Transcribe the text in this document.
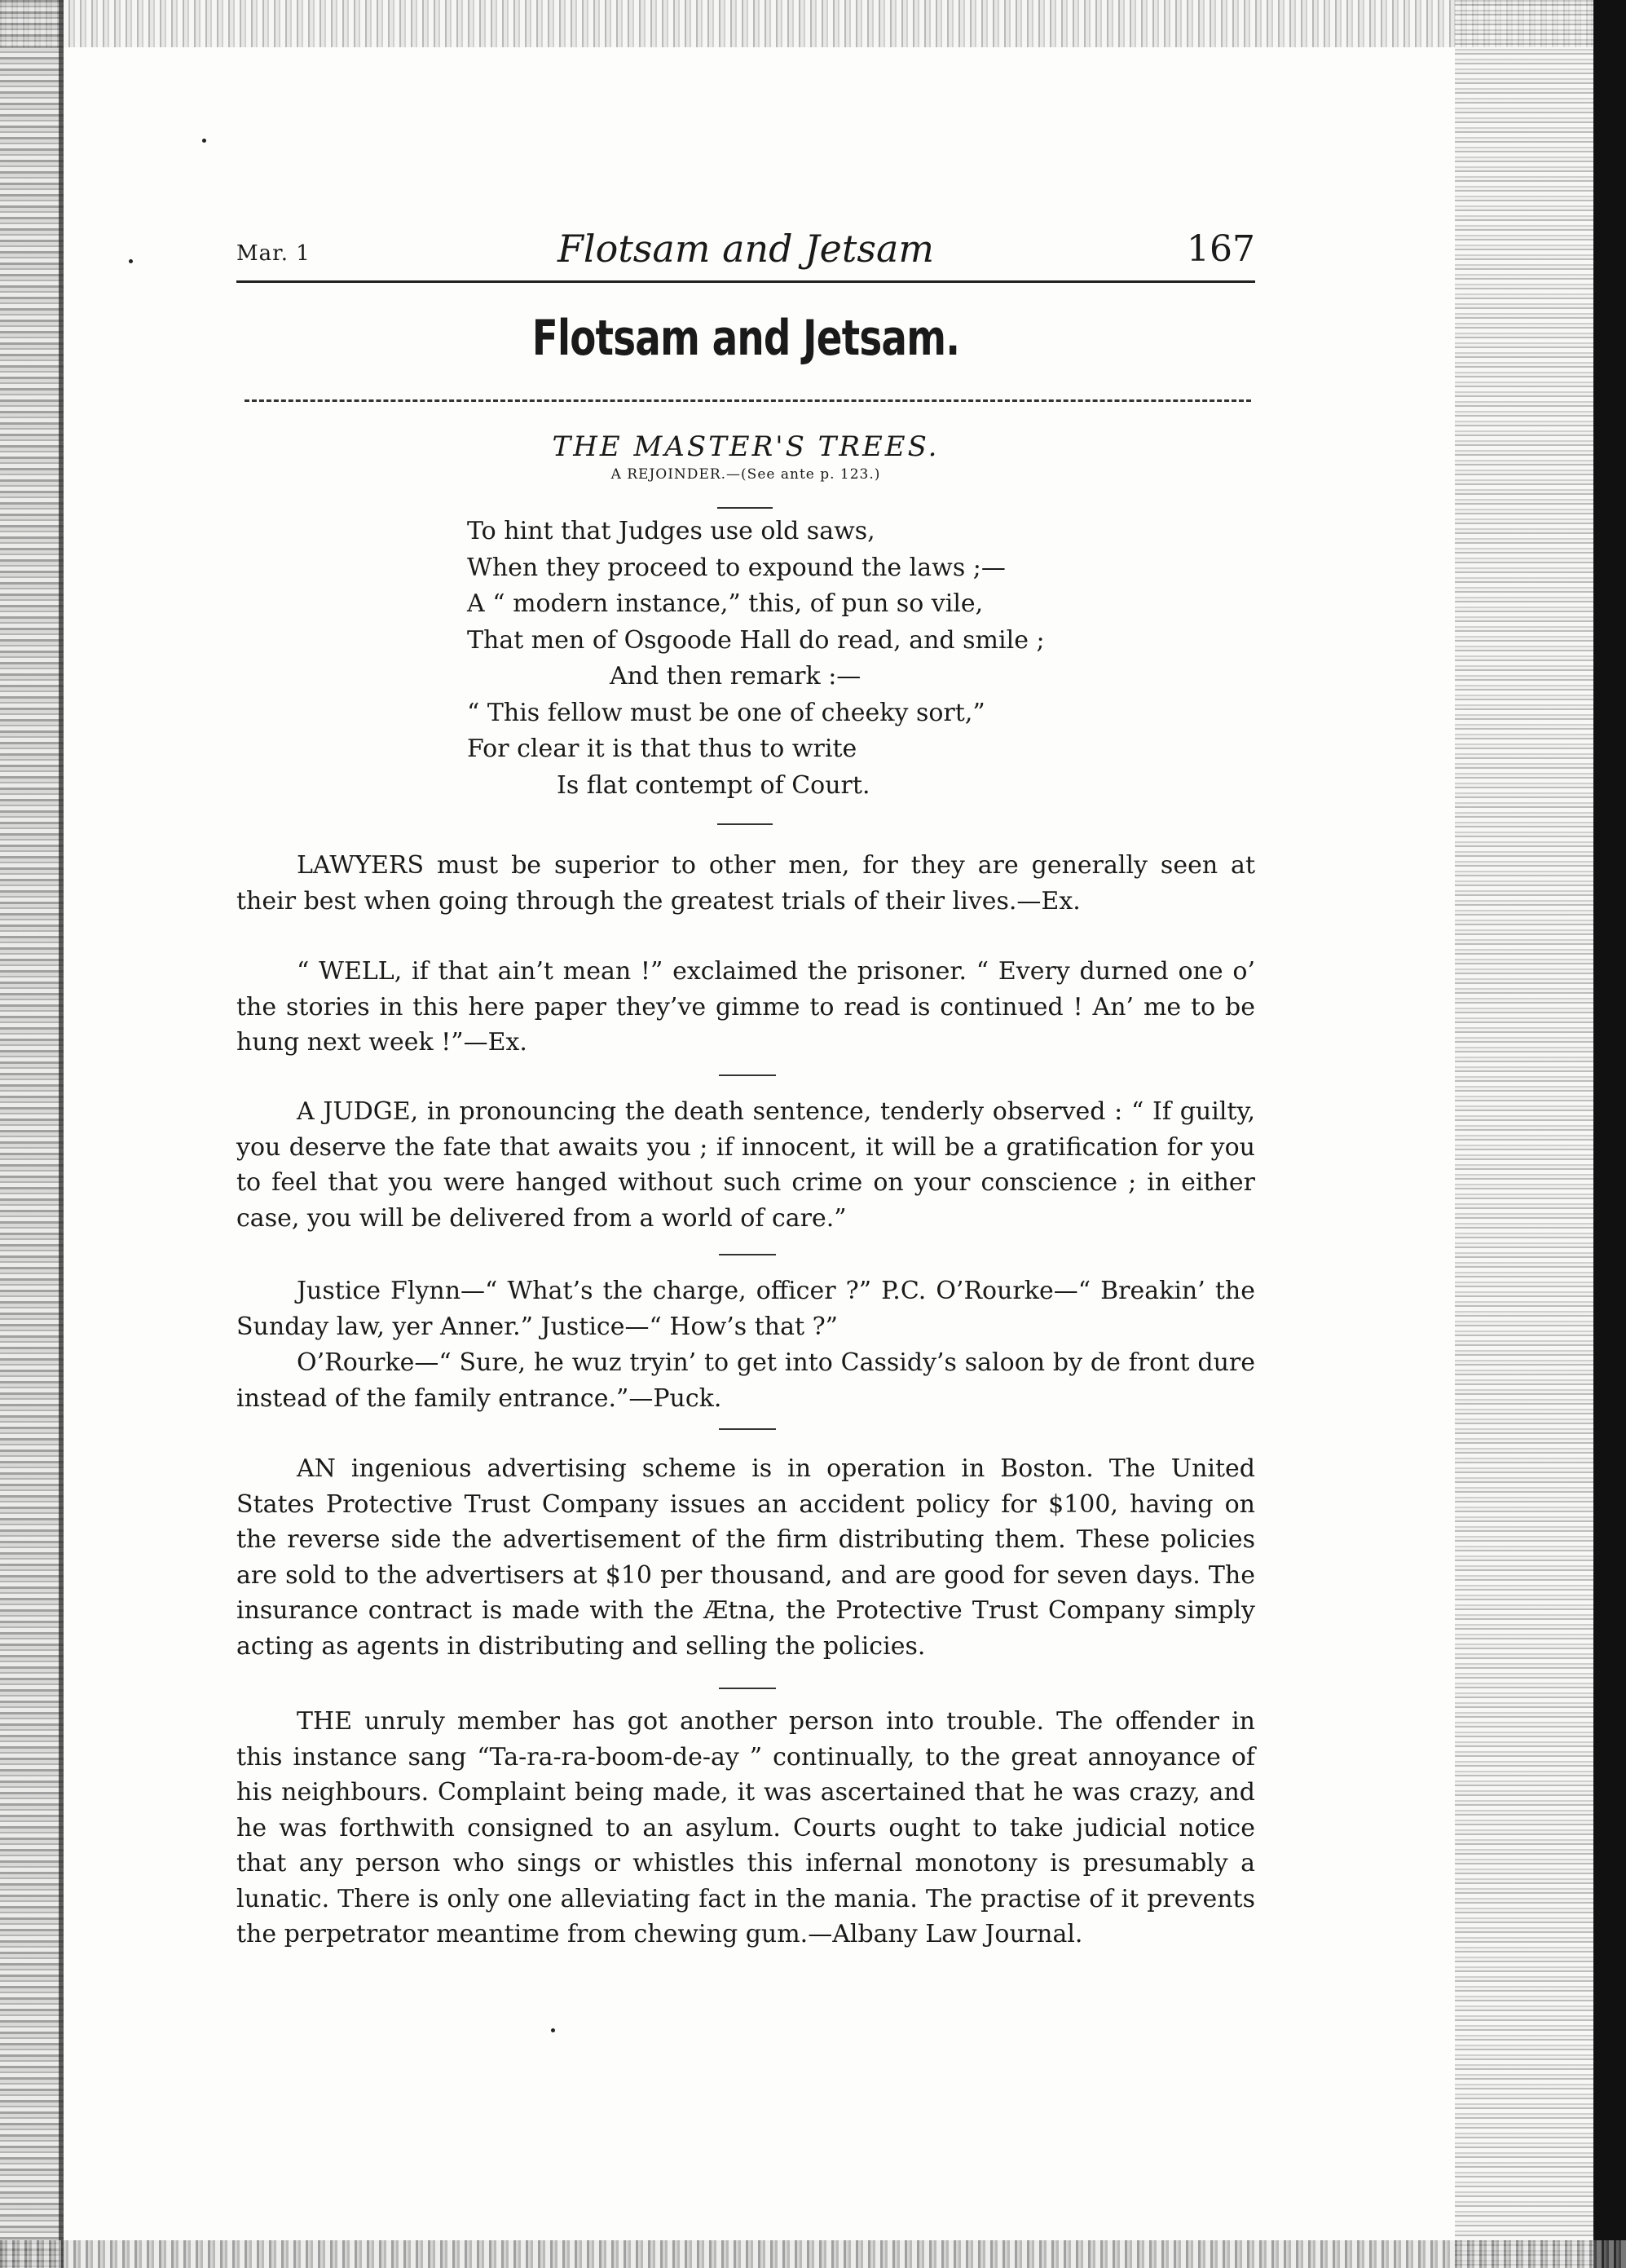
Mar. 1	Flotsam and Jetsam	167
Flotsam and Jetsam.
THE MASTER'S TREES.
A REJOINDER.—(See ante p. 123.)
To hint that Judges use old saws,
When they proceed to expound the laws ;—
A “ modern instance,” this, of pun so vile,
That men of Osgoode Hall do read, and smile ;
And then remark :—
“ This fellow must be one of cheeky sort,”
For clear it is that thus to write
Is flat contempt of Court.
LAWYERS must be superior to other men, for they are generally seen at their best when going through the greatest trials of their lives.—Ex.
“ WELL, if that ain’t mean !” exclaimed the prisoner. “ Every durned one o’ the stories in this here paper they’ve gimme to read is continued ! An’ me to be hung next week !”—Ex.
A JUDGE, in pronouncing the death sentence, tenderly observed : “ If guilty, you deserve the fate that awaits you ; if innocent, it will be a gratification for you to feel that you were hanged without such crime on your conscience ; in either case, you will be delivered from a world of care.”
Justice Flynn—“ What’s the charge, officer ?” P.C. O’Rourke—“ Breakin’ the Sunday law, yer Anner.” Justice—“ How’s that ?”
O’Rourke—“ Sure, he wuz tryin’ to get into Cassidy’s saloon by de front dure instead of the family entrance.”—Puck.
AN ingenious advertising scheme is in operation in Boston. The United States Protective Trust Company issues an accident policy for $100, having on the reverse side the advertisement of the firm distributing them. These policies are sold to the advertisers at $10 per thousand, and are good for seven days. The insurance contract is made with the Ætna, the Protective Trust Company simply acting as agents in distributing and selling the policies.
THE unruly member has got another person into trouble. The offender in this instance sang “Ta-ra-ra-boom-de-ay ” continually, to the great annoyance of his neighbours. Complaint being made, it was ascertained that he was crazy, and he was forthwith consigned to an asylum. Courts ought to take judicial notice that any person who sings or whistles this infernal monotony is presumably a lunatic. There is only one alleviating fact in the mania. The practise of it prevents the perpetrator meantime from chewing gum.—Albany Law Journal.
